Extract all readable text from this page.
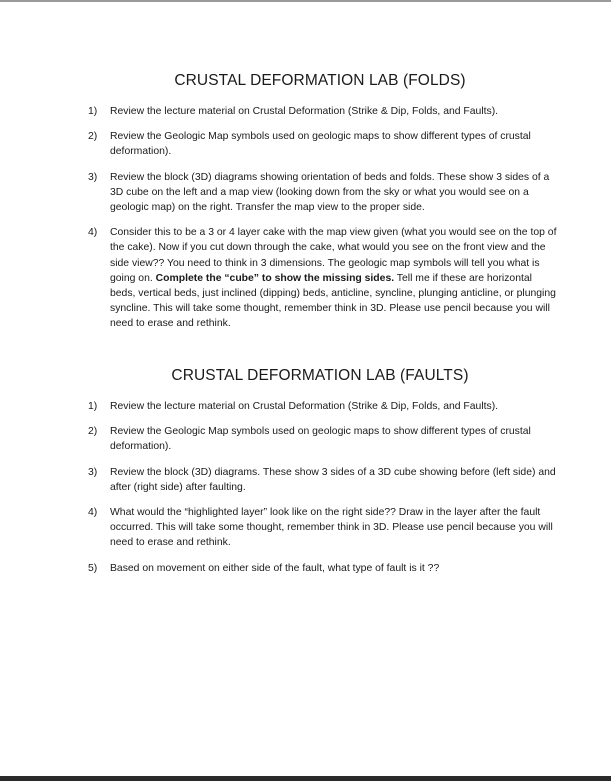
CRUSTAL DEFORMATION LAB (FOLDS)
1) Review the lecture material on Crustal Deformation (Strike & Dip, Folds, and Faults).
2) Review the Geologic Map symbols used on geologic maps to show different types of crustal deformation).
3) Review the block (3D) diagrams showing orientation of beds and folds. These show 3 sides of a 3D cube on the left and a map view (looking down from the sky or what you would see on a geologic map) on the right. Transfer the map view to the proper side.
4) Consider this to be a 3 or 4 layer cake with the map view given (what you would see on the top of the cake). Now if you cut down through the cake, what would you see on the front view and the side view?? You need to think in 3 dimensions. The geologic map symbols will tell you what is going on. Complete the “cube” to show the missing sides. Tell me if these are horizontal beds, vertical beds, just inclined (dipping) beds, anticline, syncline, plunging anticline, or plunging syncline. This will take some thought, remember think in 3D. Please use pencil because you will need to erase and rethink.
CRUSTAL DEFORMATION LAB (FAULTS)
1) Review the lecture material on Crustal Deformation (Strike & Dip, Folds, and Faults).
2) Review the Geologic Map symbols used on geologic maps to show different types of crustal deformation).
3) Review the block (3D) diagrams. These show 3 sides of a 3D cube showing before (left side) and after (right side) after faulting.
4) What would the “highlighted layer” look like on the right side?? Draw in the layer after the fault occurred. This will take some thought, remember think in 3D. Please use pencil because you will need to erase and rethink.
5) Based on movement on either side of the fault, what type of fault is it ??
